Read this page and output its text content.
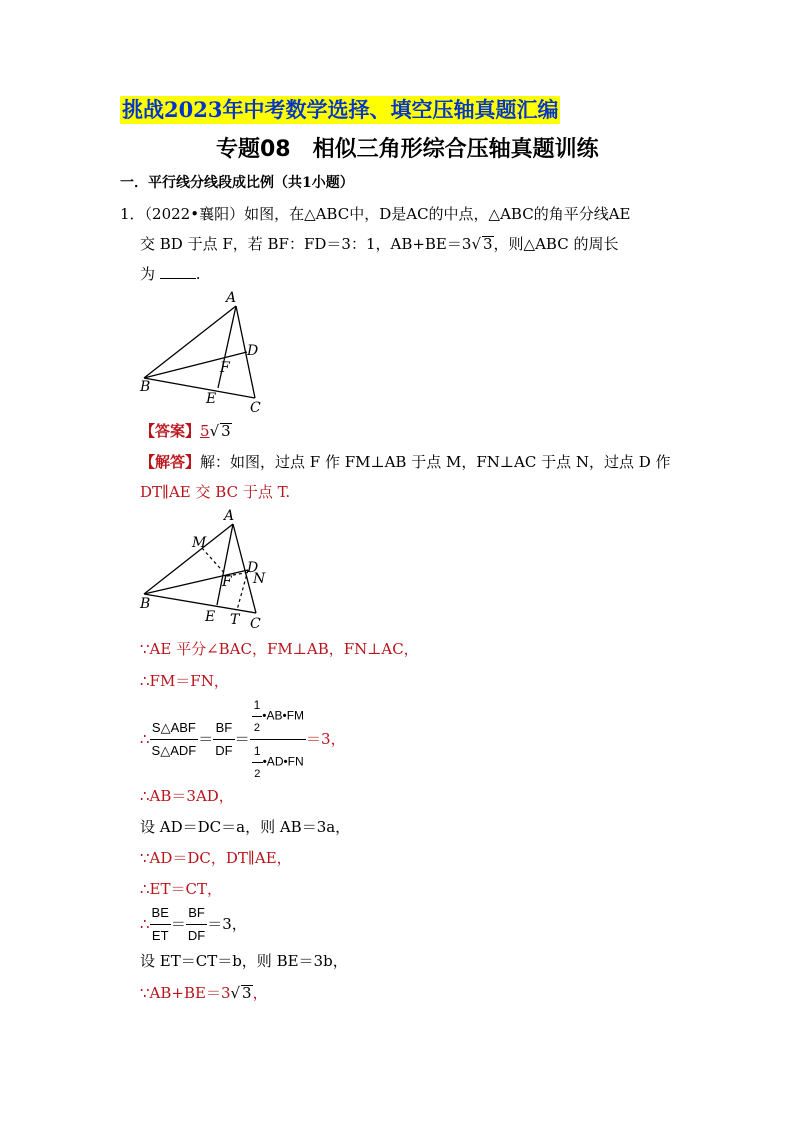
挑战2023年中考数学选择、填空压轴真题汇编
专题08　相似三角形综合压轴真题训练
一．平行线分线段成比例（共1小题）
1．（2022•襄阳）如图，在△ABC中，D是AC的中点，△ABC的角平分线AE
交 BD 于点 F，若 BF：FD＝3：1，AB+BE＝3√ 3，则△ABC 的周长
为	.
A
B
C
D
E
F
【答案】5√ 3
【解答】解：如图，过点 F 作 FM⊥AB 于点 M，FN⊥AC 于点 N，过点 D 作
DT∥AE 交 BC 于点 T.
A
B
C
D
E
F
M
N
T
∵AE 平分∠BAC，FM⊥AB，FN⊥AC，
∴FM＝FN，
∴ $\frac{\text{S△ABF}}{\text{S△ADF}} = \frac{BF}{DF} = \frac{\frac{1}{2} •AB•FM}{\frac{1}{2} •AD•FN} =3$，
∴AB＝3AD，
设 AD＝DC＝a，则 AB＝3a，
∵AD＝DC，DT∥AE，
∴ET＝CT，
∴ $\frac{BE}{ET} = \frac{BF}{DF} =3$，
设 ET＝CT＝b，则 BE＝3b，
∵AB+BE＝3√ 3，
